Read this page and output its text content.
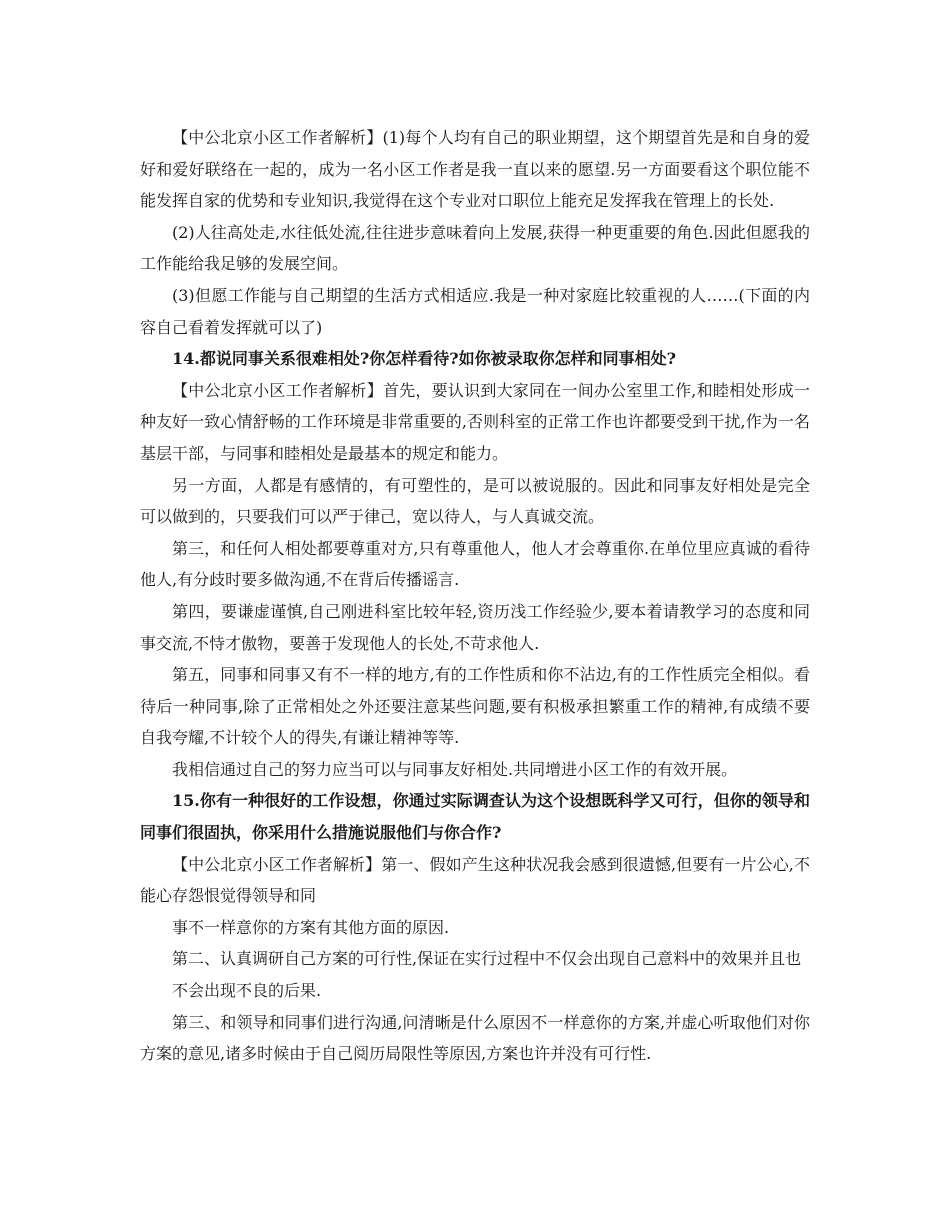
【中公北京小区工作者解析】(1)每个人均有自己的职业期望，这个期望首先是和自身的爱好和爱好联络在一起的，成为一名小区工作者是我一直以来的愿望.另一方面要看这个职位能不能发挥自家的优势和专业知识,我觉得在这个专业对口职位上能充足发挥我在管理上的长处.

(2)人往高处走,水往低处流,往往进步意味着向上发展,获得一种更重要的角色.因此但愿我的工作能给我足够的发展空间。

(3)但愿工作能与自己期望的生活方式相适应.我是一种对家庭比较重视的人……(下面的内容自己看着发挥就可以了)

14.都说同事关系很难相处?你怎样看待?如你被录取你怎样和同事相处?

【中公北京小区工作者解析】首先，要认识到大家同在一间办公室里工作,和睦相处形成一种友好一致心情舒畅的工作环境是非常重要的,否则科室的正常工作也许都要受到干扰,作为一名基层干部，与同事和睦相处是最基本的规定和能力。

另一方面，人都是有感情的，有可塑性的，是可以被说服的。因此和同事友好相处是完全可以做到的，只要我们可以严于律己，宽以待人，与人真诚交流。

第三，和任何人相处都要尊重对方,只有尊重他人，他人才会尊重你.在单位里应真诚的看待他人,有分歧时要多做沟通,不在背后传播谣言.

第四，要谦虚谨慎,自己刚进科室比较年轻,资历浅工作经验少,要本着请教学习的态度和同事交流,不恃才傲物，要善于发现他人的长处,不苛求他人.

第五，同事和同事又有不一样的地方,有的工作性质和你不沾边,有的工作性质完全相似。看待后一种同事,除了正常相处之外还要注意某些问题,要有积极承担繁重工作的精神,有成绩不要自我夸耀,不计较个人的得失,有谦让精神等等.

我相信通过自己的努力应当可以与同事友好相处.共同增进小区工作的有效开展。

15.你有一种很好的工作设想，你通过实际调查认为这个设想既科学又可行，但你的领导和同事们很固执，你采用什么措施说服他们与你合作?

【中公北京小区工作者解析】第一、假如产生这种状况我会感到很遗憾,但要有一片公心,不能心存怨恨觉得领导和同

事不一样意你的方案有其他方面的原因.

第二、认真调研自己方案的可行性,保证在实行过程中不仅会出现自己意料中的效果并且也

不会出现不良的后果.

第三、和领导和同事们进行沟通,问清晰是什么原因不一样意你的方案,并虚心听取他们对你方案的意见,诸多时候由于自己阅历局限性等原因,方案也许并没有可行性.
